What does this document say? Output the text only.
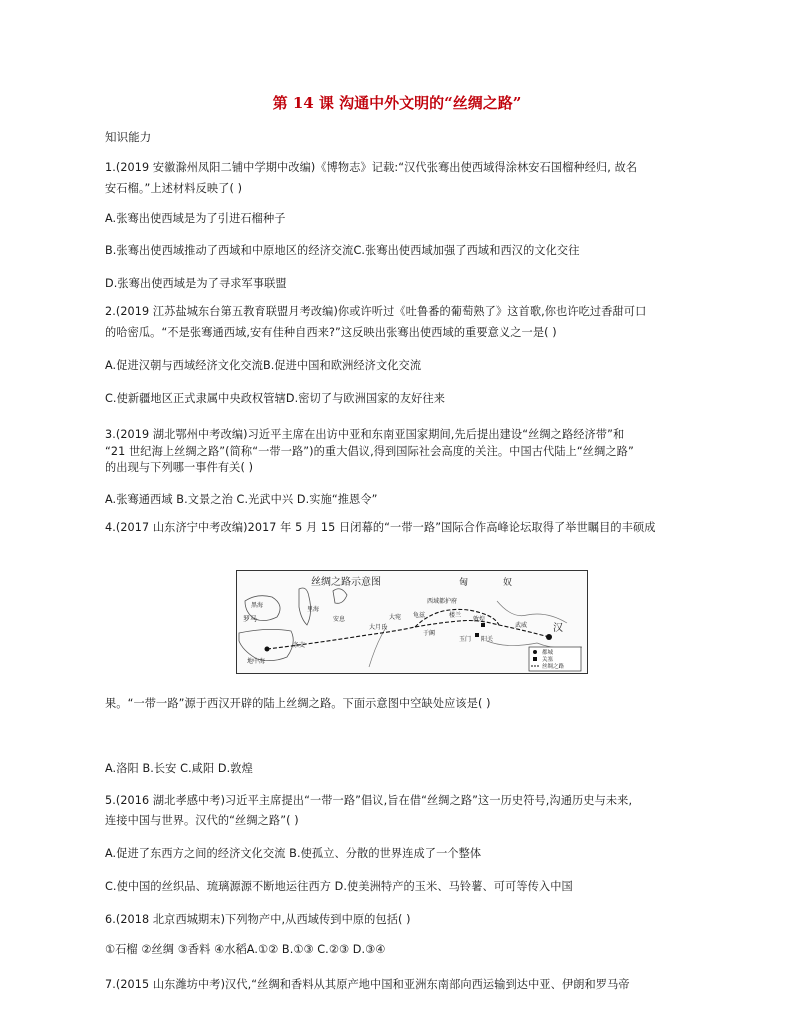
第 14 课 沟通中外文明的“丝绸之路”
知识能力
1.(2019 安徽滁州凤阳二铺中学期中改编)《博物志》记载:“汉代张骞出使西域得涂林安石国榴种经归, 故名
安石榴。”上述材料反映了( )
A.张骞出使西域是为了引进石榴种子
B.张骞出使西域推动了西域和中原地区的经济交流C.张骞出使西域加强了西域和西汉的文化交往
D.张骞出使西域是为了寻求军事联盟
2.(2019 江苏盐城东台第五教育联盟月考改编)你或许听过《吐鲁番的葡萄熟了》这首歌,你也许吃过香甜可口
的哈密瓜。“不是张骞通西域,安有佳种自西来?”这反映出张骞出使西域的重要意义之一是( )
A.促进汉朝与西域经济文化交流B.促进中国和欧洲经济文化交流
C.使新疆地区正式隶属中央政权管辖D.密切了与欧洲国家的友好往来
3.(2019 湖北鄂州中考改编)习近平主席在出访中亚和东南亚国家期间,先后提出建设“丝绸之路经济带”和
“21 世纪海上丝绸之路”(简称“一带一路”)的重大倡议,得到国际社会高度的关注。中国古代陆上“丝绸之路”
的出现与下列哪一事件有关( )
A.张骞通西域 B.文景之治 C.光武中兴 D.实施“推恩令”
4.(2017 山东济宁中考改编)2017 年 5 月 15 日闭幕的“一带一路”国际合作高峰论坛取得了举世瞩目的丰硕成
匈	奴
西域都护府
大宛 龟兹	楼兰
于阗
阳关
玉门
敦煌
武威	汉
大月氏
安息
条支
罗马
地中海
黑海
里海
都城
关塞
丝绸之路
丝绸之路示意图
果。“一带一路”源于西汉开辟的陆上丝绸之路。下面示意图中空缺处应该是( )
A.洛阳 B.长安 C.咸阳 D.敦煌
5.(2016 湖北孝感中考)习近平主席提出“一带一路”倡议,旨在借“丝绸之路”这一历史符号,沟通历史与未来,
连接中国与世界。汉代的“丝绸之路”( )
A.促进了东西方之间的经济文化交流 B.使孤立、分散的世界连成了一个整体
C.使中国的丝织品、琉璃源源不断地运往西方 D.使美洲特产的玉米、马铃薯、可可等传入中国
6.(2018 北京西城期末)下列物产中,从西域传到中原的包括( )
①石榴 ②丝绸 ③香料 ④水稻A.①② B.①③ C.②③ D.③④
7.(2015 山东潍坊中考)汉代,“丝绸和香料从其原产地中国和亚洲东南部向西运输到达中亚、伊朗和罗马帝
